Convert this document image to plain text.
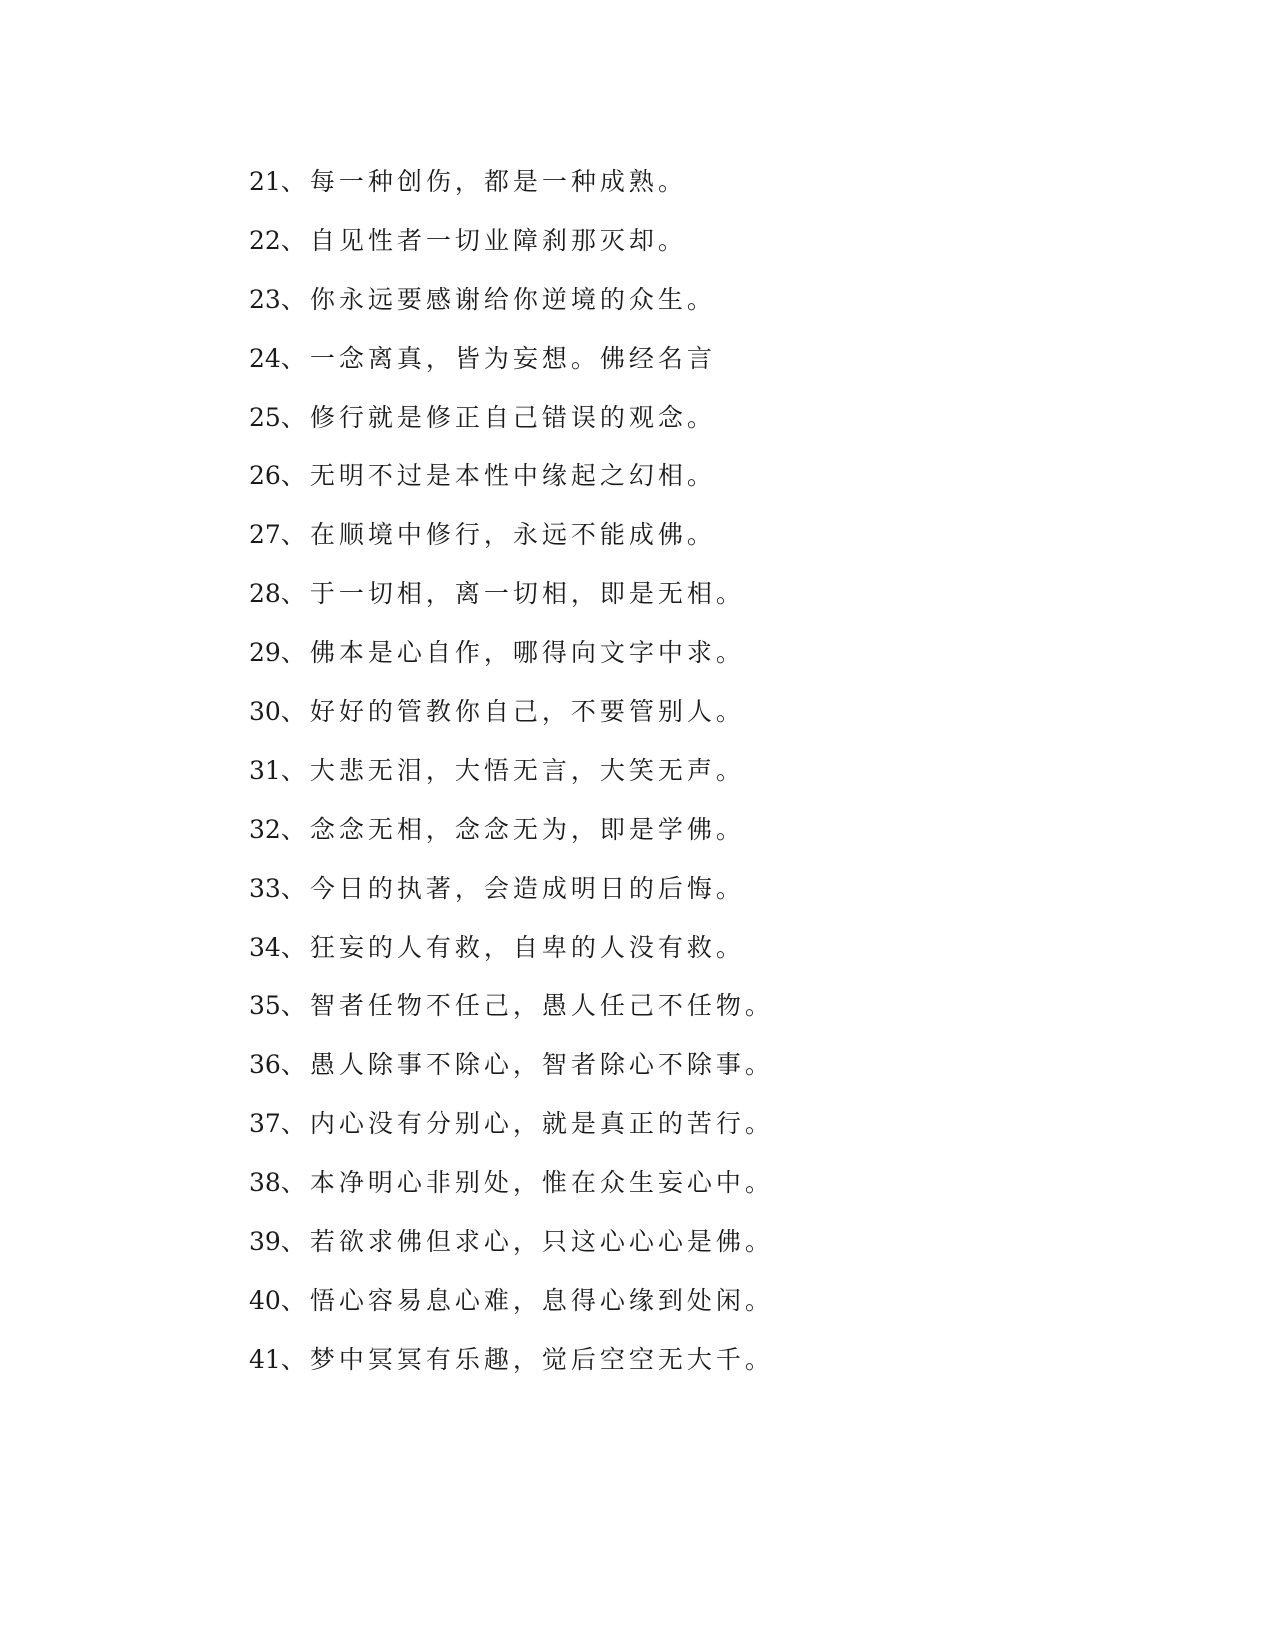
21、每一种创伤，都是一种成熟。
22、自见性者一切业障刹那灭却。
23、你永远要感谢给你逆境的众生。
24、一念离真，皆为妄想。佛经名言
25、修行就是修正自己错误的观念。
26、无明不过是本性中缘起之幻相。
27、在顺境中修行，永远不能成佛。
28、于一切相，离一切相，即是无相。
29、佛本是心自作，哪得向文字中求。
30、好好的管教你自己，不要管别人。
31、大悲无泪，大悟无言，大笑无声。
32、念念无相，念念无为，即是学佛。
33、今日的执著，会造成明日的后悔。
34、狂妄的人有救，自卑的人没有救。
35、智者任物不任己，愚人任己不任物。
36、愚人除事不除心，智者除心不除事。
37、内心没有分别心，就是真正的苦行。
38、本净明心非别处，惟在众生妄心中。
39、若欲求佛但求心，只这心心心是佛。
40、悟心容易息心难，息得心缘到处闲。
41、梦中冥冥有乐趣，觉后空空无大千。
